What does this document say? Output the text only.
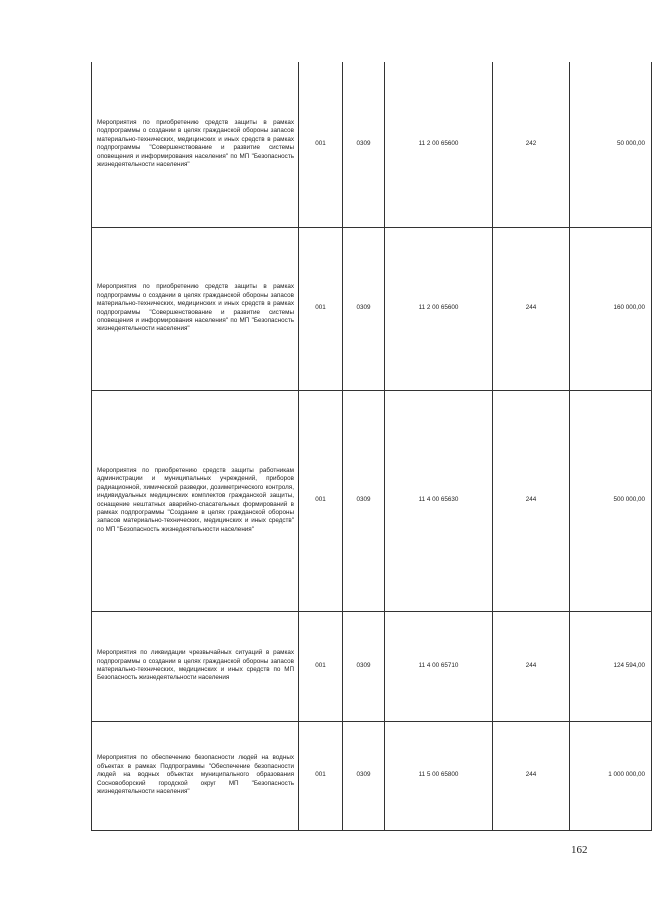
Мероприятия по приобретению средств защиты в рамках подпрограммы о создании в целях гражданской обороны запасов материально-технических, медицинских и иных средств в рамках подпрограммы "Совершенствование и развитие системы оповещения и информирования населения" по МП "Безопасность жизнедеятельности населения"	001	0309	11 2 00 65600	242	50 000,00
Мероприятия по приобретению средств защиты в рамках подпрограммы о создании в целях гражданской обороны запасов материально-технических, медицинских и иных средств в рамках подпрограммы "Совершенствование и развитие системы оповещения и информирования населения" по МП "Безопасность жизнедеятельности населения"	001	0309	11 2 00 65600	244	160 000,00
Мероприятия по приобретению средств защиты работникам администрации и муниципальных учреждений, приборов радиационной, химической разведки, дозиметрического контроля, индивидуальных медицинских комплектов гражданской защиты, оснащение нештатных аварийно-спасательных формирований в рамках подпрограммы "Создание в целях гражданской обороны запасов материально-технических, медицинских и иных средств" по МП "Безопасность жизнедеятельности населения"	001	0309	11 4 00 65630	244	500 000,00
Мероприятия по ликвидации чрезвычайных ситуаций в рамках подпрограммы о создании в целях гражданской обороны запасов материально-технических, медицинских и иных средств по МП Безопасность жизнедеятельности населения	001	0309	11 4 00 65710	244	124 594,00
Мероприятия по обеспечению безопасности людей на водных объектах в рамках Подпрограммы "Обеспечение безопасности людей на водных объектах муниципального образования Сосновоборский городской округ МП "Безопасность жизнедеятельности населения"	001	0309	11 5 00 65800	244	1 000 000,00
162
